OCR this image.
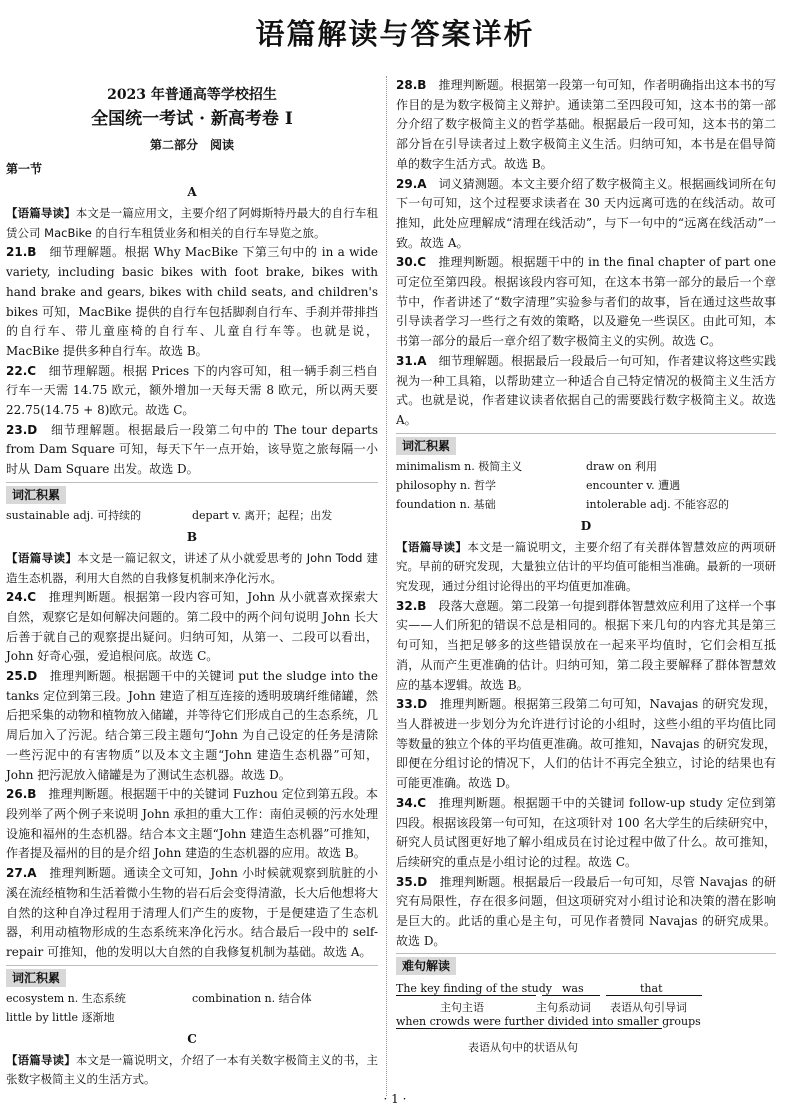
语篇解读与答案详析
2023 年普通高等学校招生
全国统一考试 · 新高考卷 I
第二部分　阅读
第一节
A

【语篇导读】本文是一篇应用文，主要介绍了阿姆斯特丹最大的自行车租赁公司 MacBike 的自行车租赁业务和相关的自行车导览之旅。

21.B　 细节理解题。根据 Why MacBike 下第三句中的 in a wide variety, including basic bikes with foot brake, bikes with hand brake and gears, bikes with child seats, and children's bikes 可知，MacBike 提供的自行车包括脚刹自行车、手刹并带排挡的自行车、带儿童座椅的自行车、儿童自行车等。也就是说，MacBike 提供多种自行车。故选 B。

22.C　 细节理解题。根据 Prices 下的内容可知，租一辆手刹三档自行车一天需 14.75 欧元，额外增加一天每天需 8 欧元，所以两天要 22.75(14.75 + 8)欧元。故选 C。

23.D　 细节理解题。根据最后一段第二句中的 The tour departs from Dam Square 可知，每天下午一点开始，该导览之旅每隔一小时从 Dam Square 出发。故选 D。

词汇积累
sustainable adj. 可持续的	depart v. 离开；起程；出发
B

【语篇导读】本文是一篇记叙文，讲述了从小就爱思考的 John Todd 建造生态机器，利用大自然的自我修复机制来净化污水。

24.C　 推理判断题。根据第一段内容可知，John 从小就喜欢探索大自然，观察它是如何解决问题的。第二段中的两个问句说明 John 长大后善于就自己的观察提出疑问。归纳可知，从第一、二段可以看出，John 好奇心强，爱追根问底。故选 C。

25.D　 推理判断题。根据题干中的关键词 put the sludge into the tanks 定位到第三段。John 建造了相互连接的透明玻璃纤维储罐，然后把采集的动物和植物放入储罐，并等待它们形成自己的生态系统，几周后加入了污泥。结合第三段主题句“John 为自己设定的任务是清除一些污泥中的有害物质”以及本文主题“John 建造生态机器”可知，John 把污泥放入储罐是为了测试生态机器。故选 D。

26.B　 推理判断题。根据题干中的关键词 Fuzhou 定位到第五段。本段列举了两个例子来说明 John 承担的重大工作：南伯灵顿的污水处理设施和福州的生态机器。结合本文主题“John 建造生态机器”可推知，作者提及福州的目的是介绍 John 建造的生态机器的应用。故选 B。

27.A　 推理判断题。通读全文可知，John 小时候就观察到肮脏的小溪在流经植物和生活着微小生物的岩石后会变得清澈，长大后他想将大自然的这种自净过程用于清理人们产生的废物，于是便建造了生态机器，利用动植物形成的生态系统来净化污水。结合最后一段中的 self-repair 可推知，他的发明以大自然的自我修复机制为基础。故选 A。

词汇积累
ecosystem n. 生态系统	combination n. 结合体
little by little 逐渐地
C

【语篇导读】本文是一篇说明文，介绍了一本有关数字极简主义的书，主张数字极简主义的生活方式。

28.B　 推理判断题。根据第一段第一句可知，作者明确指出这本书的写作目的是为数字极简主义辩护。通读第二至四段可知，这本书的第一部分介绍了数字极简主义的哲学基础。根据最后一段可知，这本书的第二部分旨在引导读者过上数字极简主义生活。归纳可知，本书是在倡导简单的数字生活方式。故选 B。

29.A　 词义猜测题。本文主要介绍了数字极简主义。根据画线词所在句下一句可知，这个过程要求读者在 30 天内远离可选的在线活动。故可推知，此处应理解成“清理在线活动”，与下一句中的“远离在线活动”一致。故选 A。

30.C　 推理判断题。根据题干中的 in the final chapter of part one 可定位至第四段。根据该段内容可知，在这本书第一部分的最后一个章节中，作者讲述了“数字清理”实验参与者们的故事，旨在通过这些故事引导读者学习一些行之有效的策略，以及避免一些误区。由此可知，本书第一部分的最后一章介绍了数字极简主义的实例。故选 C。

31.A　 细节理解题。根据最后一段最后一句可知，作者建议将这些实践视为一种工具箱，以帮助建立一种适合自己特定情况的极简主义生活方式。也就是说，作者建议读者依据自己的需要践行数字极简主义。故选 A。

词汇积累
minimalism n. 极简主义	draw on 利用
philosophy n. 哲学	encounter v. 遭遇
foundation n. 基础	intolerable adj. 不能容忍的
D

【语篇导读】本文是一篇说明文，主要介绍了有关群体智慧效应的两项研究。早前的研究发现，大量独立估计的平均值可能相当准确。最新的一项研究发现，通过分组讨论得出的平均值更加准确。

32.B　 段落大意题。第二段第一句提到群体智慧效应利用了这样一个事实——人们所犯的错误不总是相同的。根据下来几句的内容尤其是第三句可知，当把足够多的这些错误放在一起来平均值时，它们会相互抵消，从而产生更准确的估计。归纳可知，第二段主要解释了群体智慧效应的基本逻辑。故选 B。

33.D　 推理判断题。根据第三段第二句可知，Navajas 的研究发现，当人群被进一步划分为允许进行讨论的小组时，这些小组的平均值比同等数量的独立个体的平均值更准确。故可推知，Navajas 的研究发现，即便在分组讨论的情况下，人们的估计不再完全独立，讨论的结果也有可能更准确。故选 D。

34.C　 推理判断题。根据题干中的关键词 follow-up study 定位到第四段。根据该段第一句可知，在这项针对 100 名大学生的后续研究中，研究人员试图更好地了解小组成员在讨论过程中做了什么。故可推知，后续研究的重点是小组讨论的过程。故选 C。

35.D　 推理判断题。根据最后一段最后一句可知，尽管 Navajas 的研究有局限性，存在很多问题，但这项研究对小组讨论和决策的潜在影响是巨大的。此话的重心是主句，可见作者赞同 Navajas 的研究成果。故选 D。

难句解读
The key finding of the study was	that
主句主语	主句系动词 表语从句引导词
when crowds were further divided into smaller groups
表语从句中的状语从句
· 1 ·
